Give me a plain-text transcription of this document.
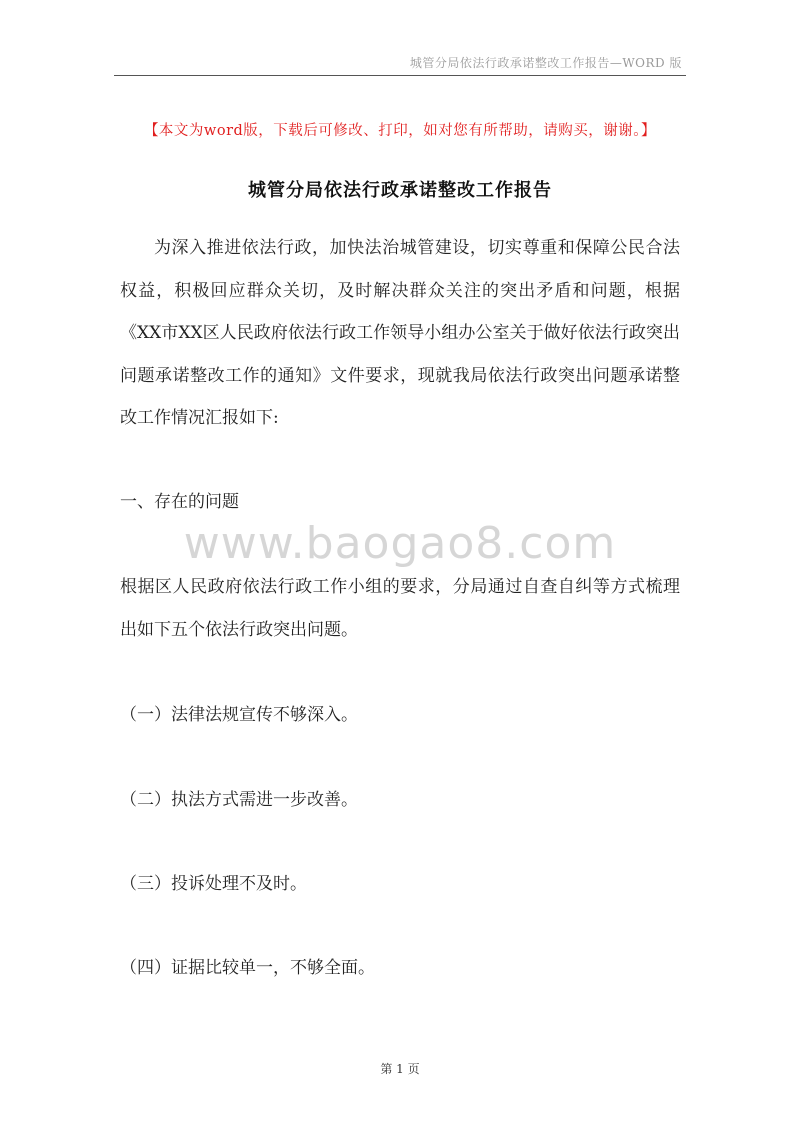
城管分局依法行政承诺整改工作报告—WORD 版
【本文为word版，下载后可修改、打印，如对您有所帮助，请购买，谢谢。】
城管分局依法行政承诺整改工作报告
为深入推进依法行政，加快法治城管建设，切实尊重和保障公民合法权益，积极回应群众关切，及时解决群众关注的突出矛盾和问题，根据《XX市XX区人民政府依法行政工作领导小组办公室关于做好依法行政突出问题承诺整改工作的通知》文件要求，现就我局依法行政突出问题承诺整改工作情况汇报如下:
一、存在的问题
www.baogao8.com
根据区人民政府依法行政工作小组的要求，分局通过自查自纠等方式梳理出如下五个依法行政突出问题。
（一）法律法规宣传不够深入。
（二）执法方式需进一步改善。
（三）投诉处理不及时。
（四）证据比较单一，不够全面。
第 1 页
